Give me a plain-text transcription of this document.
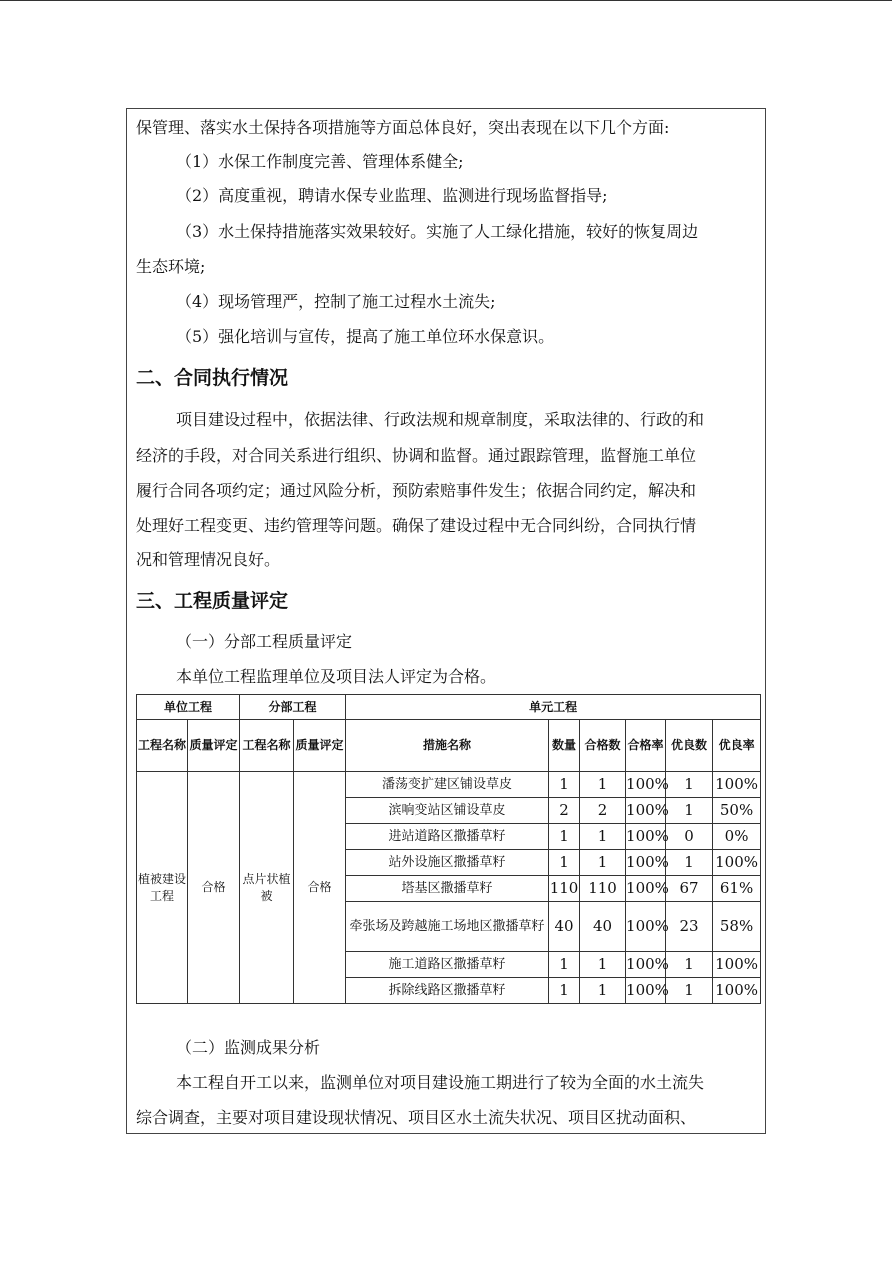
保管理、落实水土保持各项措施等方面总体良好，突出表现在以下几个方面:
（1）水保工作制度完善、管理体系健全;
（2）高度重视，聘请水保专业监理、监测进行现场监督指导;
（3）水土保持措施落实效果较好。实施了人工绿化措施，较好的恢复周边
生态环境;
（4）现场管理严，控制了施工过程水土流失;
（5）强化培训与宣传，提高了施工单位环水保意识。
二、合同执行情况
项目建设过程中，依据法律、行政法规和规章制度，采取法律的、行政的和
经济的手段，对合同关系进行组织、协调和监督。通过跟踪管理，监督施工单位
履行合同各项约定；通过风险分析，预防索赔事件发生；依据合同约定，解决和
处理好工程变更、违约管理等问题。确保了建设过程中无合同纠纷，合同执行情
况和管理情况良好。
三、工程质量评定
（一）分部工程质量评定
本单位工程监理单位及项目法人评定为合格。
单位工程		分部工程		单元工程					
工程名称	质量评定	工程名称	质量评定	措施名称	数量	合格数	合格率	优良数	优良率
植被建设工程	合格	点片状植被	合格	潘荡变扩建区铺设草皮	1	1	100%	1	100%
				滨响变站区铺设草皮	2	2	100%	1	50%
				进站道路区撒播草籽	1	1	100%	0	0%
				站外设施区撒播草籽	1	1	100%	1	100%
				塔基区撒播草籽	110	110	100%	67	61%
				牵张场及跨越施工场地区撒播草籽	40	40	100%	23	58%
				施工道路区撒播草籽	1	1	100%	1	100%
				拆除线路区撒播草籽	1	1	100%	1	100%
（二）监测成果分析
本工程自开工以来，监测单位对项目建设施工期进行了较为全面的水土流失
综合调查，主要对项目建设现状情况、项目区水土流失状况、项目区扰动面积、
